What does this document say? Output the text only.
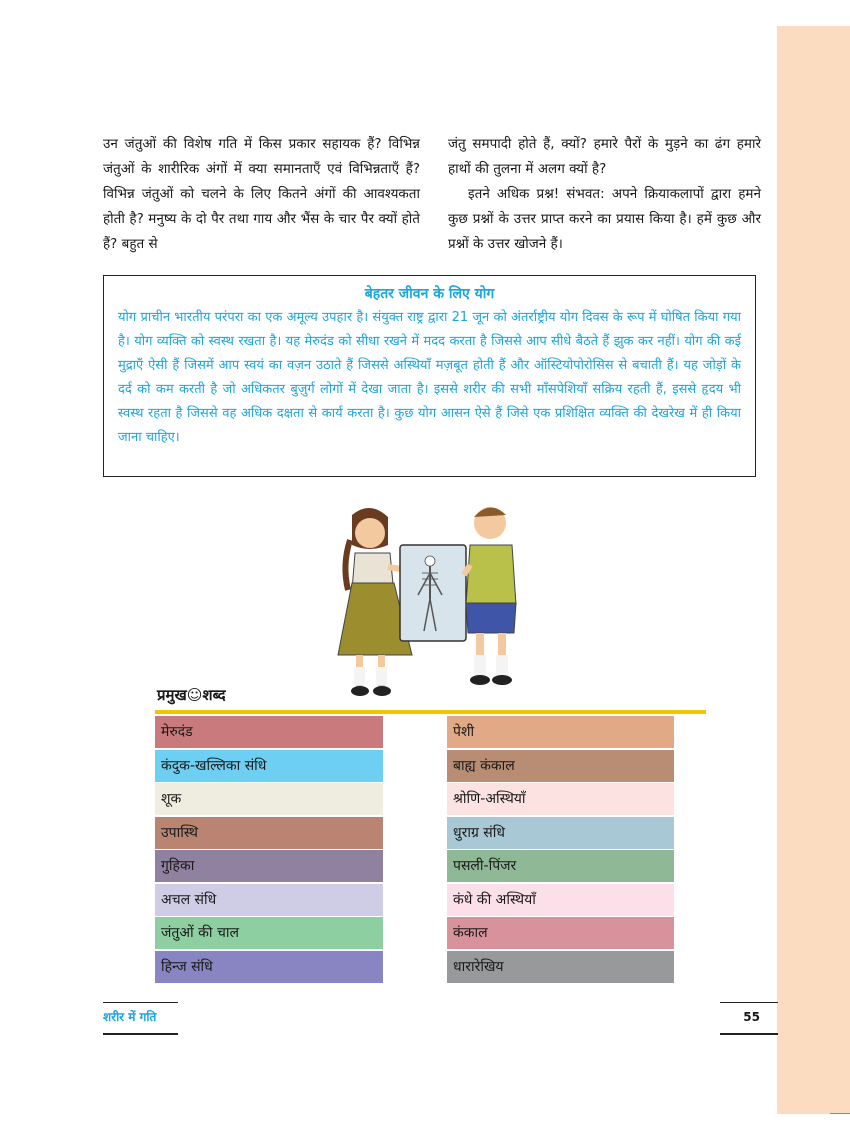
उन जंतुओं की विशेष गति में किस प्रकार सहायक हैं? विभिन्न जंतुओं के शारीरिक अंगों में क्या समानताएँ एवं विभिन्नताएँ हैं? विभिन्न जंतुओं को चलने के लिए कितने अंगों की आवश्यकता होती है? मनुष्य के दो पैर तथा गाय और भैंस के चार पैर क्यों होते हैं? बहुत से

जंतु समपादी होते हैं, क्यों? हमारे पैरों के मुड़ने का ढंग हमारे हाथों की तुलना में अलग क्यों है?

इतने अधिक प्रश्न! संभवत: अपने क्रियाकलापों द्वारा हमने कुछ प्रश्नों के उत्तर प्राप्त करने का प्रयास किया है। हमें कुछ और प्रश्नों के उत्तर खोजने हैं।

बेहतर जीवन के लिए योग

योग प्राचीन भारतीय परंपरा का एक अमूल्य उपहार है। संयुक्त राष्ट्र द्वारा 21 जून को अंतर्राष्ट्रीय योग दिवस के रूप में घोषित किया गया है। योग व्यक्ति को स्वस्थ रखता है। यह मेरुदंड को सीधा रखने में मदद करता है जिससे आप सीधे बैठते हैं झुक कर नहीं। योग की कई मुद्राएँ ऐसी हैं जिसमें आप स्वयं का वज़न उठाते हैं जिससे अस्थियाँ मज़बूत होती हैं और ऑस्टियोपोरोसिस से बचाती हैं। यह जोड़ों के दर्द को कम करती है जो अधिकतर बुज़ुर्ग लोगों में देखा जाता है। इससे शरीर की सभी माँसपेशियाँ सक्रिय रहती हैं, इससे हृदय भी स्वस्थ रहता है जिससे वह अधिक दक्षता से कार्य करता है। कुछ योग आसन ऐसे हैं जिसे एक प्रशिक्षित व्यक्ति की देखरेख में ही किया जाना चाहिए।

प्रमुख☺शब्द
मेरुदंड
कंदुक-खल्लिका संधि
शूक
उपास्थि
गुहिका
अचल संधि
जंतुओं की चाल
हिन्ज संधि
पेशी
बाह्य कंकाल
श्रोणि-अस्थियाँ
धुराग्र संधि
पसली-पिंजर
कंधे की अस्थियाँ
कंकाल
धारारेखिय
शरीर में गति	55
